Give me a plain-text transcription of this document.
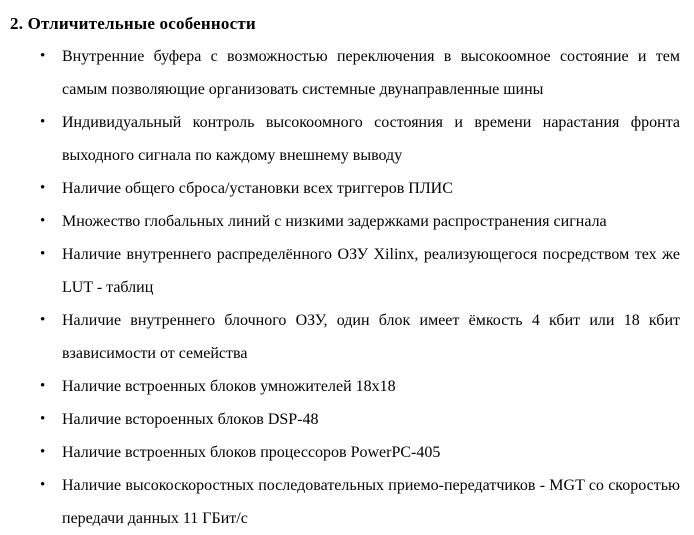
2. Отличительные особенности
•	Внутренние буфера с возможностью переключения в высокоомное состояние и тем самым позволяющие организовать системные двунаправленные шины
•	Индивидуальный контроль высокоомного состояния и времени нарастания фронта выходного сигнала по каждому внешнему выводу
•	Наличие общего сброса/установки всех триггеров ПЛИС
•	Множество глобальных линий с низкими задержками распространения сигнала
•	Наличие внутреннего распределённого ОЗУ Xilinx, реализующегося посредством тех же LUT - таблиц
•	Наличие внутреннего блочного ОЗУ, один блок имеет ёмкость 4 кбит или 18 кбит взависимости от семейства
•	Наличие встроенных блоков умножителей 18х18
•	Наличие встороенных блоков DSP-48
•	Наличие встроенных блоков процессоров PowerPC-405
•	Наличие высокоскоростных последовательных приемо-передатчиков - MGT со скоростью передачи данных 11 ГБит/с
